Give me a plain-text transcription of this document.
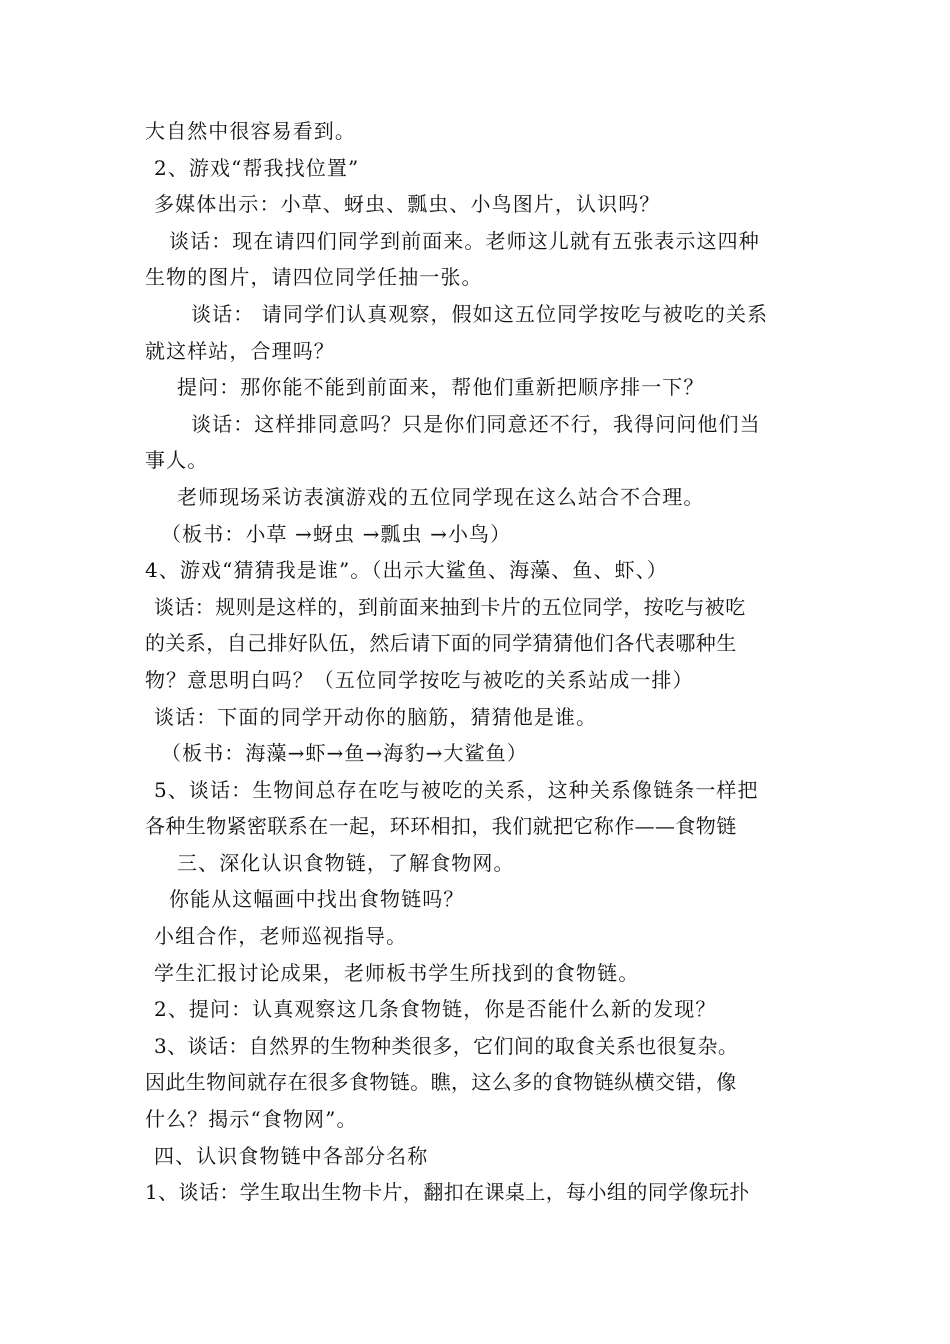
大自然中很容易看到。
2、游戏“帮我找位置”
多媒体出示：小草、蚜虫、瓢虫、小鸟图片，认识吗？
谈话：现在请四们同学到前面来。老师这儿就有五张表示这四种
生物的图片，请四位同学任抽一张。
谈话： 请同学们认真观察，假如这五位同学按吃与被吃的关系
就这样站，合理吗？
提问：那你能不能到前面来，帮他们重新把顺序排一下？
谈话：这样排同意吗？只是你们同意还不行，我得问问他们当
事人。
老师现场采访表演游戏的五位同学现在这么站合不合理。
（板书：小草 →蚜虫 →瓢虫 →小鸟）
4、游戏“猜猜我是谁”。（出示大鲨鱼、海藻、鱼、虾、）
谈话：规则是这样的，到前面来抽到卡片的五位同学，按吃与被吃
的关系，自己排好队伍，然后请下面的同学猜猜他们各代表哪种生
物？意思明白吗？（五位同学按吃与被吃的关系站成一排）
谈话：下面的同学开动你的脑筋，猜猜他是谁。
（板书：海藻→虾→鱼→海豹→大鲨鱼）
5、谈话：生物间总存在吃与被吃的关系，这种关系像链条一样把
各种生物紧密联系在一起，环环相扣，我们就把它称作——食物链
三、深化认识食物链，了解食物网。
你能从这幅画中找出食物链吗？
小组合作，老师巡视指导。
学生汇报讨论成果，老师板书学生所找到的食物链。
2、提问：认真观察这几条食物链，你是否能什么新的发现？
3、谈话：自然界的生物种类很多，它们间的取食关系也很复杂。
因此生物间就存在很多食物链。瞧，这么多的食物链纵横交错，像
什么？揭示“食物网”。
四、认识食物链中各部分名称
1、谈话：学生取出生物卡片，翻扣在课桌上，每小组的同学像玩扑
